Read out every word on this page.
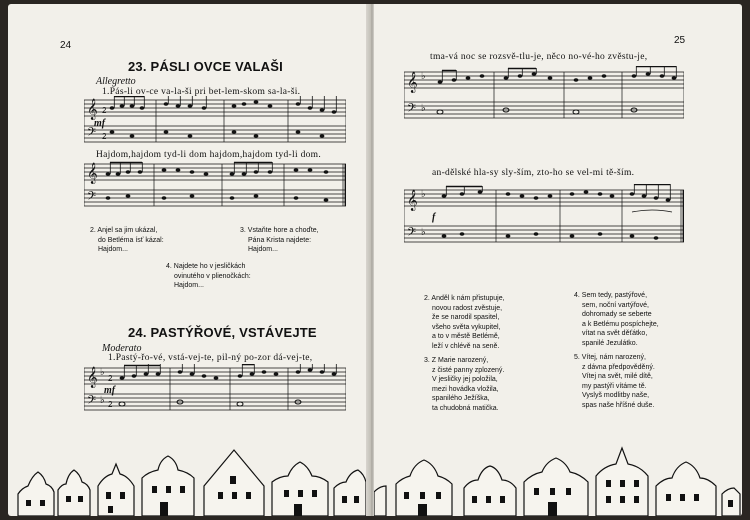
24
23. PÁSLI OVCE VALAŠI
Allegretto
1.Pás-li ov-ce va-la-ši pri bet-lem-skom sa-la-ši.
𝄞
𝄢
2
2
mf
Hajdom,hajdom tyd-li dom hajdom,hajdom tyd-li dom.
𝄞
𝄢
2. Anjel sa jim ukázal,
do Betléma ísť kázal:
Hajdom...
3. Vstaňte hore a choďte,
Pána Krista najdete:
Hajdom...
4. Najdete ho v jesličkách
ovinutého v plienočkách:
Hajdom...
24. PASTÝŘOVÉ, VSTÁVEJTE
Moderato
1.Pastý-řo-vé, vstá-vej-te, pil-ný po-zor dá-vej-te,
𝄞
𝄢
♭
♭
2
2
mf
25
tma-vá noc se rozsvě-tlu-je, něco no-vé-ho zvěstu-je,
𝄞
𝄢
♭
♭
an-dělské hla-sy sly-ším, zto-ho se vel-mi tě-ším.
𝄞
𝄢
♭
♭
f
2. Anděl k nám přistupuje,
novou radost zvěstuje,
že se narodil spasitel,
všeho světa vykupitel,
a to v městě Betlémě,
leží v chlévě na seně.
3. Z Marie narozený,
z čisté panny zplozený.
V jesličky jej položila,
mezi hovádka vložila,
spanilého Ježíška,
ta chudobná matička.
4. Sem tedy, pastýřové,
sem, noční vartýřové,
dohromady se seberte
a k Betlému pospíchejte,
vítat na svět děťátko,
spanilé Jezulátko.
5. Vítej, nám narozený,
z dávna předpověděný.
Vítej na svět, milé dítě,
my pastýři vítáme tě.
Vyslyš modlitby naše,
spas naše hříšné duše.
